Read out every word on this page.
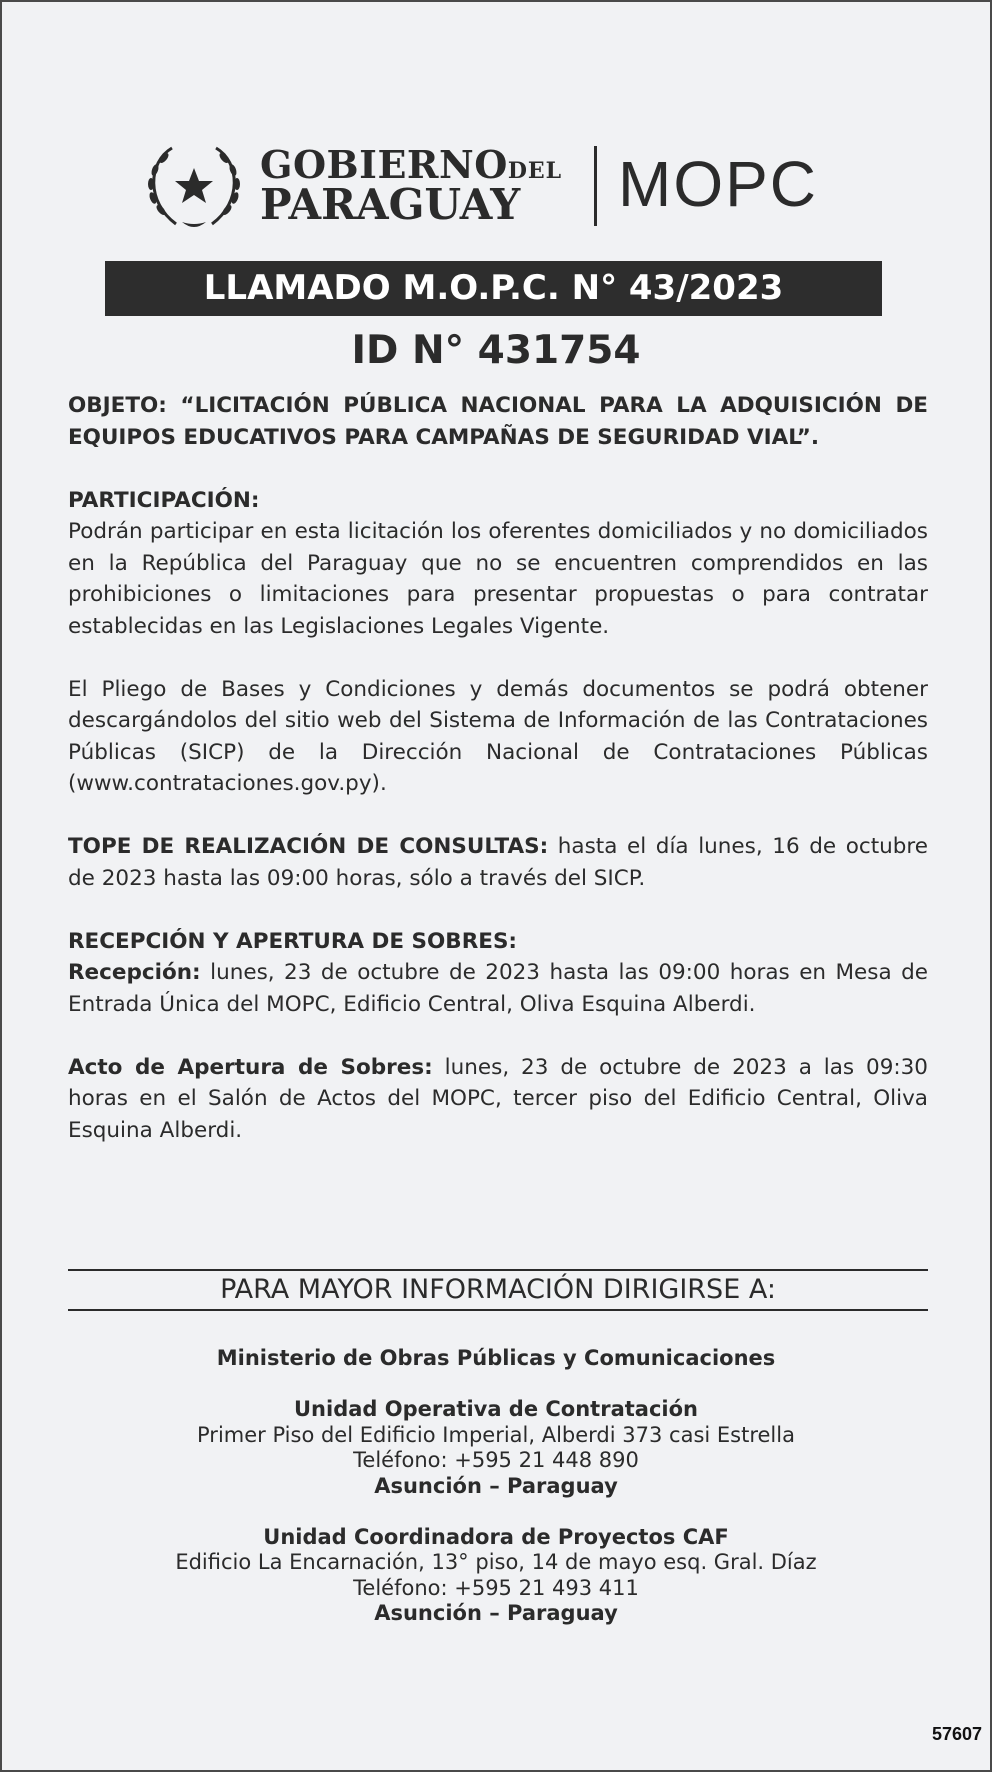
GOBIERNODEL
PARAGUAY MOPC
LLAMADO M.O.P.C. N° 43/2023
ID N° 431754

OBJETO: “LICITACIÓN PÚBLICA NACIONAL PARA LA ADQUISICIÓN DE EQUIPOS EDUCATIVOS PARA CAMPAÑAS DE SEGURIDAD VIAL”.

PARTICIPACIÓN:

Podrán participar en esta licitación los oferentes domiciliados y no domiciliados en la República del Paraguay que no se encuentren comprendidos en las prohibiciones o limitaciones para presentar propuestas o para contratar establecidas en las Legislaciones Legales Vigente.

El Pliego de Bases y Condiciones y demás documentos se podrá obtener descargándolos del sitio web del Sistema de Información de las Contrataciones Públicas (SICP) de la Dirección Nacional de Contrataciones Públicas (www.contrataciones.gov.py).

TOPE DE REALIZACIÓN DE CONSULTAS: hasta el día lunes, 16 de octubre de 2023 hasta las 09:00 horas, sólo a través del SICP.

RECEPCIÓN Y APERTURA DE SOBRES:

Recepción: lunes, 23 de octubre de 2023 hasta las 09:00 horas en Mesa de Entrada Única del MOPC, Edificio Central, Oliva Esquina Alberdi.

Acto de Apertura de Sobres: lunes, 23 de octubre de 2023 a las 09:30 horas en el Salón de Actos del MOPC, tercer piso del Edificio Central, Oliva Esquina Alberdi.

PARA MAYOR INFORMACIÓN DIRIGIRSE A:
Ministerio de Obras Públicas y Comunicaciones
Unidad Operativa de Contratación
Primer Piso del Edificio Imperial, Alberdi 373 casi Estrella
Teléfono: +595 21 448 890
Asunción – Paraguay
Unidad Coordinadora de Proyectos CAF
Edificio La Encarnación, 13° piso, 14 de mayo esq. Gral. Díaz
Teléfono: +595 21 493 411
Asunción – Paraguay
57607
